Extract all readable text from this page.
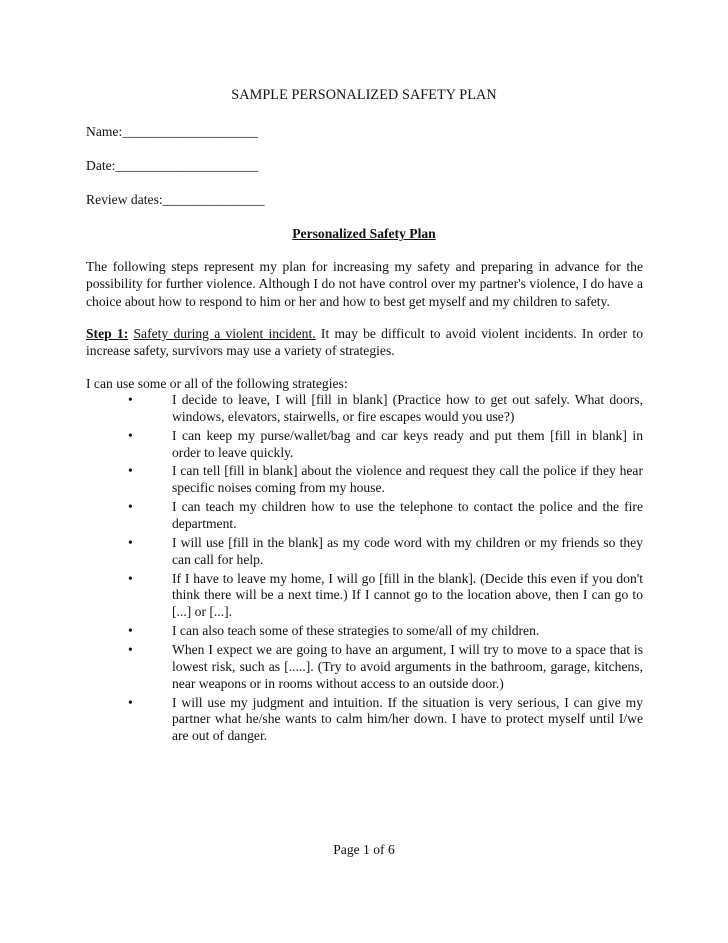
SAMPLE PERSONALIZED SAFETY PLAN
Name:____________________
Date:_____________________
Review dates:_______________
Personalized Safety Plan
The following steps represent my plan for increasing my safety and preparing in advance for the possibility for further violence. Although I do not have control over my partner's violence, I do have a choice about how to respond to him or her and how to best get myself and my children to safety.
Step 1: Safety during a violent incident. It may be difficult to avoid violent incidents. In order to increase safety, survivors may use a variety of strategies.
I can use some or all of the following strategies:
•	I decide to leave, I will [fill in blank] (Practice how to get out safely. What doors, windows, elevators, stairwells, or fire escapes would you use?)
•	I can keep my purse/wallet/bag and car keys ready and put them [fill in blank] in order to leave quickly.
•	I can tell [fill in blank] about the violence and request they call the police if they hear specific noises coming from my house.
•	I can teach my children how to use the telephone to contact the police and the fire department.
•	I will use [fill in the blank] as my code word with my children or my friends so they can call for help.
•	If I have to leave my home, I will go [fill in the blank]. (Decide this even if you don't think there will be a next time.) If I cannot go to the location above, then I can go to [...] or [...].
•	I can also teach some of these strategies to some/all of my children.
•	When I expect we are going to have an argument, I will try to move to a space that is lowest risk, such as [.....]. (Try to avoid arguments in the bathroom, garage, kitchens, near weapons or in rooms without access to an outside door.)
•	I will use my judgment and intuition. If the situation is very serious, I can give my partner what he/she wants to calm him/her down. I have to protect myself until I/we are out of danger.
Page 1 of 6
